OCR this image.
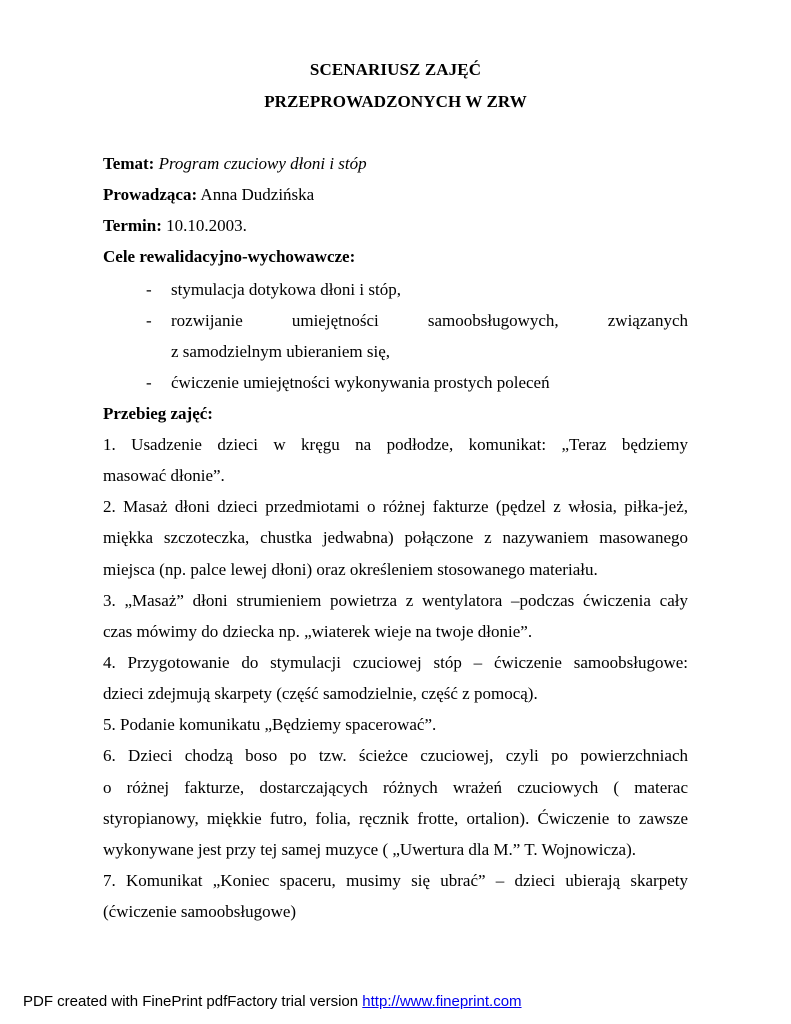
SCENARIUSZ ZAJĘĆ
PRZEPROWADZONYCH W ZRW
Temat: Program czuciowy dłoni i stóp
Prowadząca: Anna Dudzińska
Termin: 10.10.2003.
Cele rewalidacyjno-wychowawcze:
- stymulacja dotykowa dłoni i stóp,
- rozwijanie umiejętności samoobsługowych, związanych
z samodzielnym ubieraniem się,
- ćwiczenie umiejętności wykonywania prostych poleceń
Przebieg zajęć:
1. Usadzenie dzieci w kręgu na podłodze, komunikat: „Teraz będziemy
masować dłonie”.
2. Masaż dłoni dzieci przedmiotami o różnej fakturze (pędzel z włosia, piłka-jeż,
miękka szczoteczka, chustka jedwabna) połączone z nazywaniem masowanego
miejsca (np. palce lewej dłoni) oraz określeniem stosowanego materiału.
3. „Masaż” dłoni strumieniem powietrza z wentylatora –podczas ćwiczenia cały
czas mówimy do dziecka np. „wiaterek wieje na twoje dłonie”.
4. Przygotowanie do stymulacji czuciowej stóp – ćwiczenie samoobsługowe:
dzieci zdejmują skarpety (część samodzielnie, część z pomocą).
5. Podanie komunikatu „Będziemy spacerować”.
6. Dzieci chodzą boso po tzw. ścieżce czuciowej, czyli po powierzchniach
o różnej fakturze, dostarczających różnych wrażeń czuciowych ( materac
styropianowy, miękkie futro, folia, ręcznik frotte, ortalion). Ćwiczenie to zawsze
wykonywane jest przy tej samej muzyce ( „Uwertura dla M.” T. Wojnowicza).
7. Komunikat „Koniec spaceru, musimy się ubrać” – dzieci ubierają skarpety
(ćwiczenie samoobsługowe)
PDF created with FinePrint pdfFactory trial version http://www.fineprint.com
